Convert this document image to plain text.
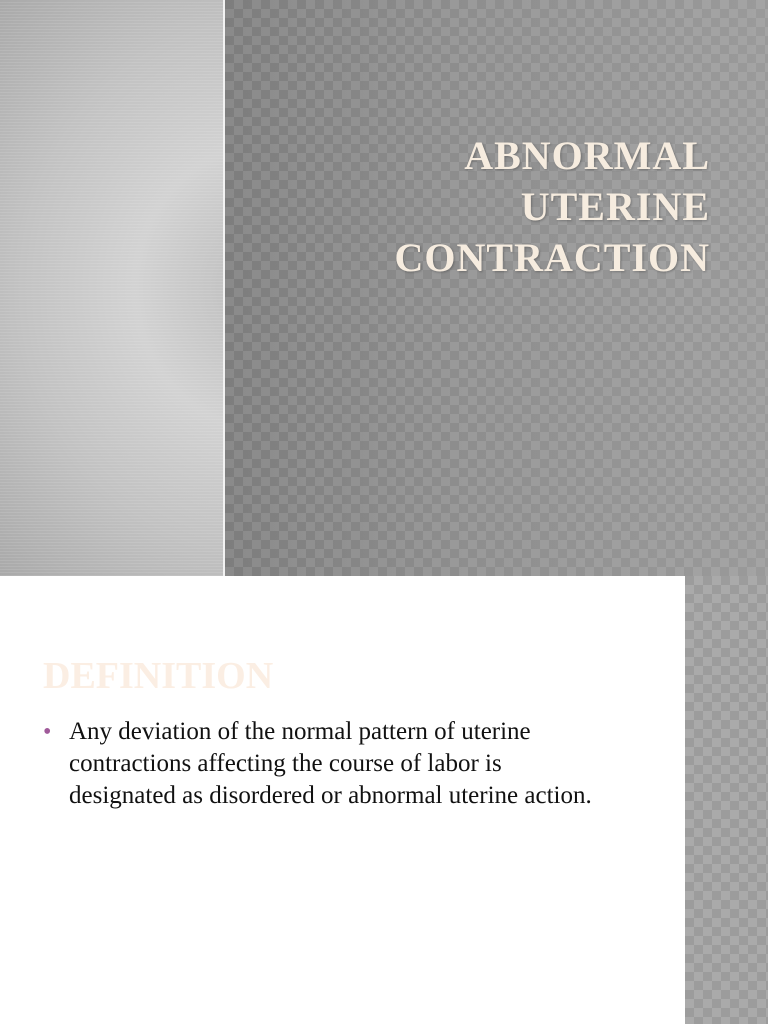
ABNORMAL
UTERINE
CONTRACTION
DEFINITION
• Any deviation of the normal pattern of uterine contractions affecting the course of labor is designated as disordered or abnormal uterine action.
